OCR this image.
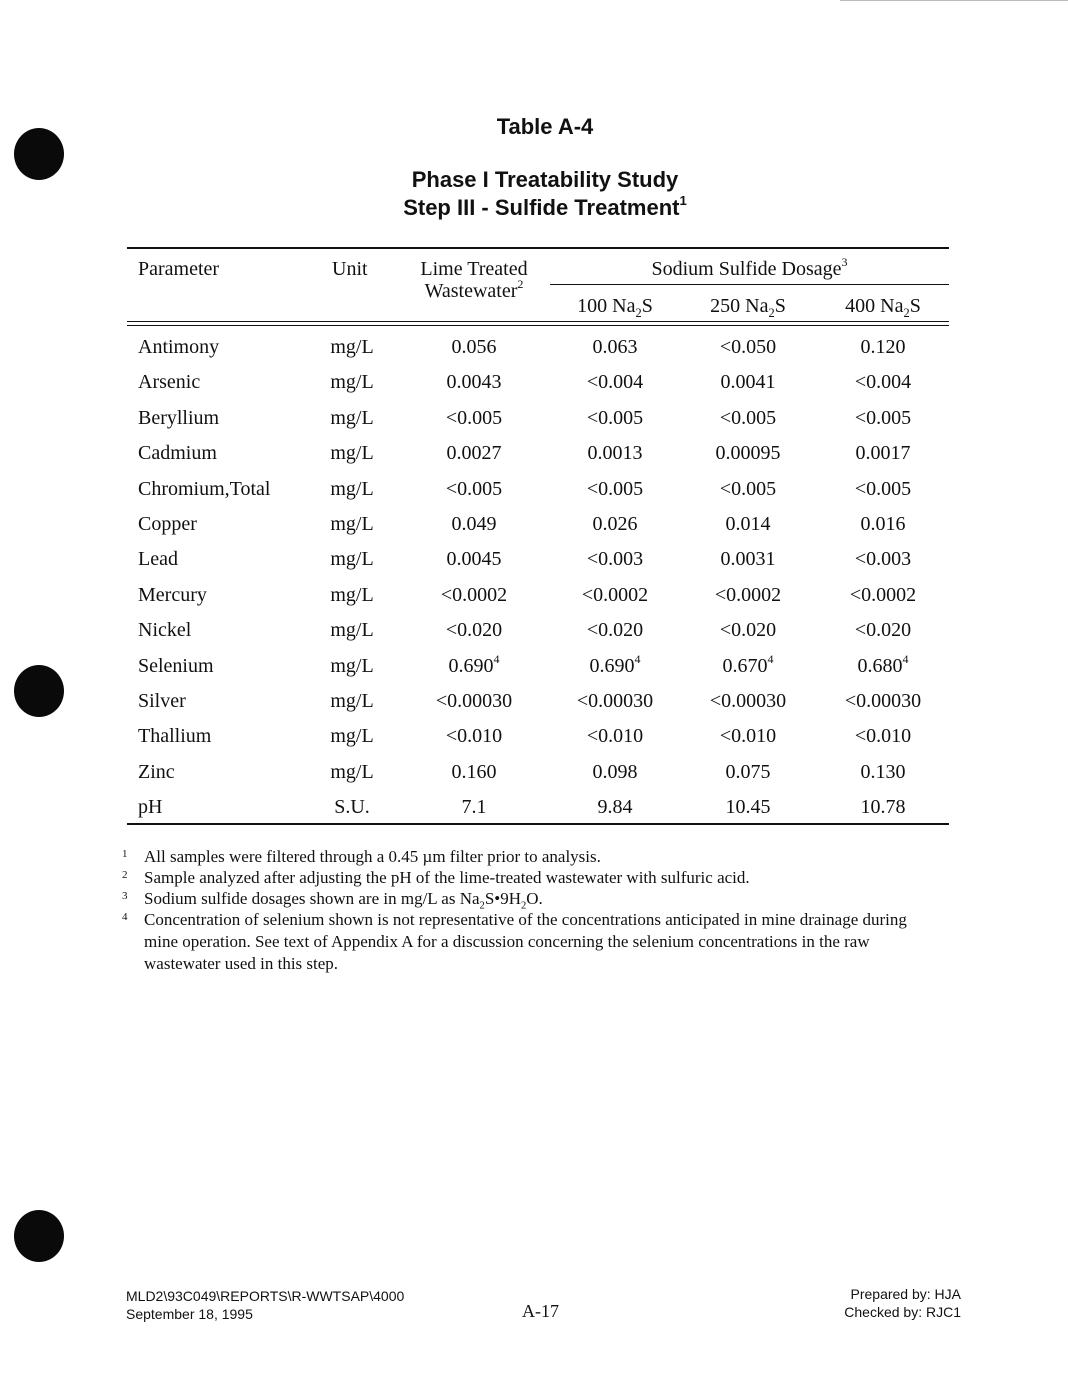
Table A-4
Phase I Treatability Study
Step III - Sulfide Treatment$^1$
Parameter	Unit	Lime Treated
Wastewater$^2$
Sodium Sulfide Dosage$^3$
100 $Na_2S$	250 $Na_2S$	400 $Na_2S$
Antimony	mg/L	0.056	0.063	<0.050	0.120
Arsenic	mg/L	0.0043	<0.004	0.0041	<0.004
Beryllium	mg/L	<0.005	<0.005	<0.005	<0.005
Cadmium	mg/L	0.0027	0.0013	0.00095	0.0017
Chromium,Total	mg/L	<0.005	<0.005	<0.005	<0.005
Copper	mg/L	0.049	0.026	0.014	0.016
Lead	mg/L	0.0045	<0.003	0.0031	<0.003
Mercury	mg/L	<0.0002	<0.0002	<0.0002	<0.0002
Nickel	mg/L	<0.020	<0.020	<0.020	<0.020
Selenium	mg/L	0.690$^4$	0.690$^4$	0.670$^4$	0.680$^4$
Silver	mg/L	<0.00030	<0.00030	<0.00030	<0.00030
Thallium	mg/L	<0.010	<0.010	<0.010	<0.010
Zinc	mg/L	0.160	0.098	0.075	0.130
pH	S.U.	7.1	9.84	10.45	10.78
1 All samples were filtered through a 0.45 µm filter prior to analysis.
2 Sample analyzed after adjusting the pH of the lime-treated wastewater with sulfuric acid.
3 Sodium sulfide dosages shown are in mg/L as $Na_2S•9H_2O$.
4 Concentration of selenium shown is not representative of the concentrations anticipated in mine drainage during mine operation. See text of Appendix A for a discussion concerning the selenium concentrations in the raw wastewater used in this step.
MLD2\93C049\REPORTS\R-WWTSAP\4000
September 18, 1995	A-17
Prepared by: HJA
Checked by: RJC1
